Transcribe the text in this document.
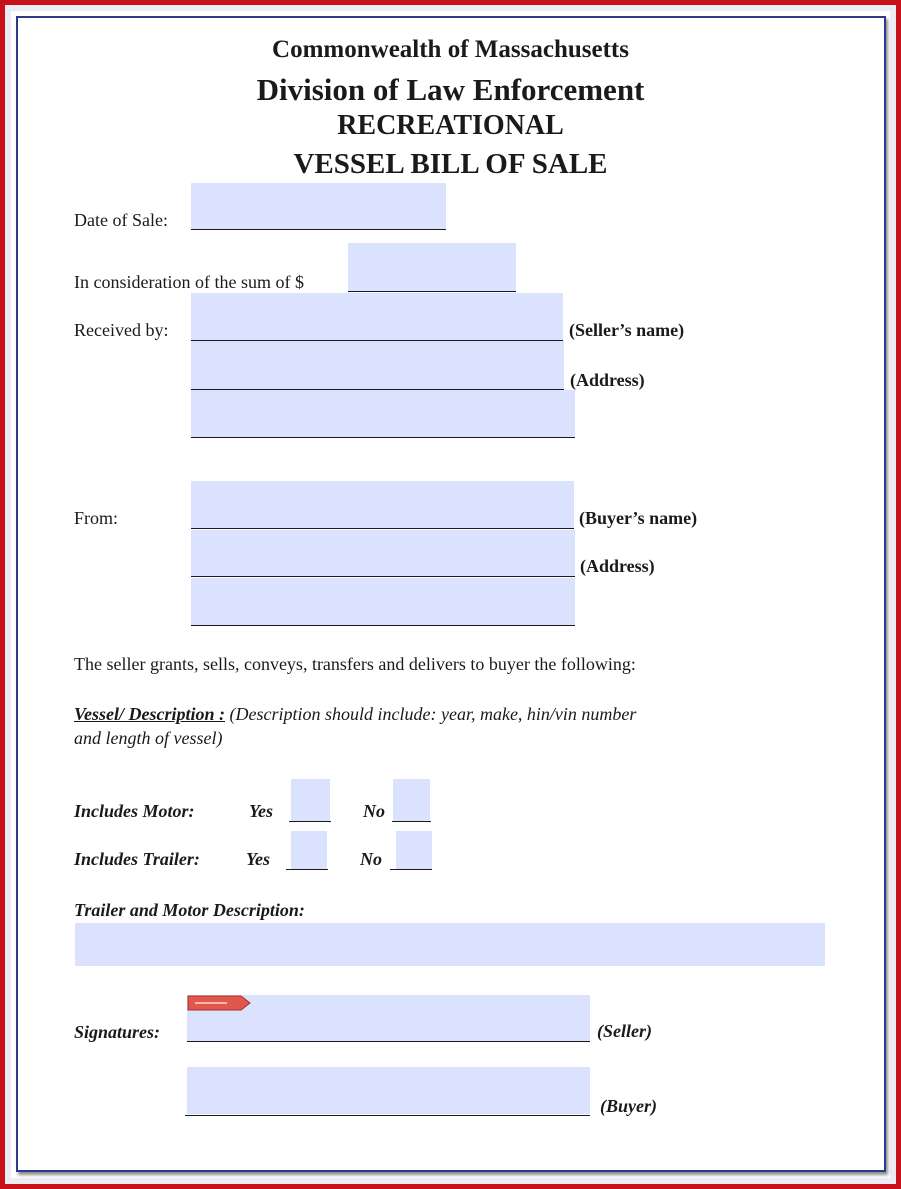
Commonwealth of Massachusetts
Division of Law Enforcement
RECREATIONAL
VESSEL BILL OF SALE
Date of Sale:
In consideration of the sum of $
Received by:	(Seller’s name)
(Address)
From:	(Buyer’s name)
(Address)
The seller grants, sells, conveys, transfers and delivers to buyer the following:
Vessel/ Description : (Description should include: year, make, hin/vin number
and length of vessel)
Includes Motor:	Yes	No
Includes Trailer:	Yes	No
Trailer and Motor Description:
Signatures:	(Seller)
(Buyer)
